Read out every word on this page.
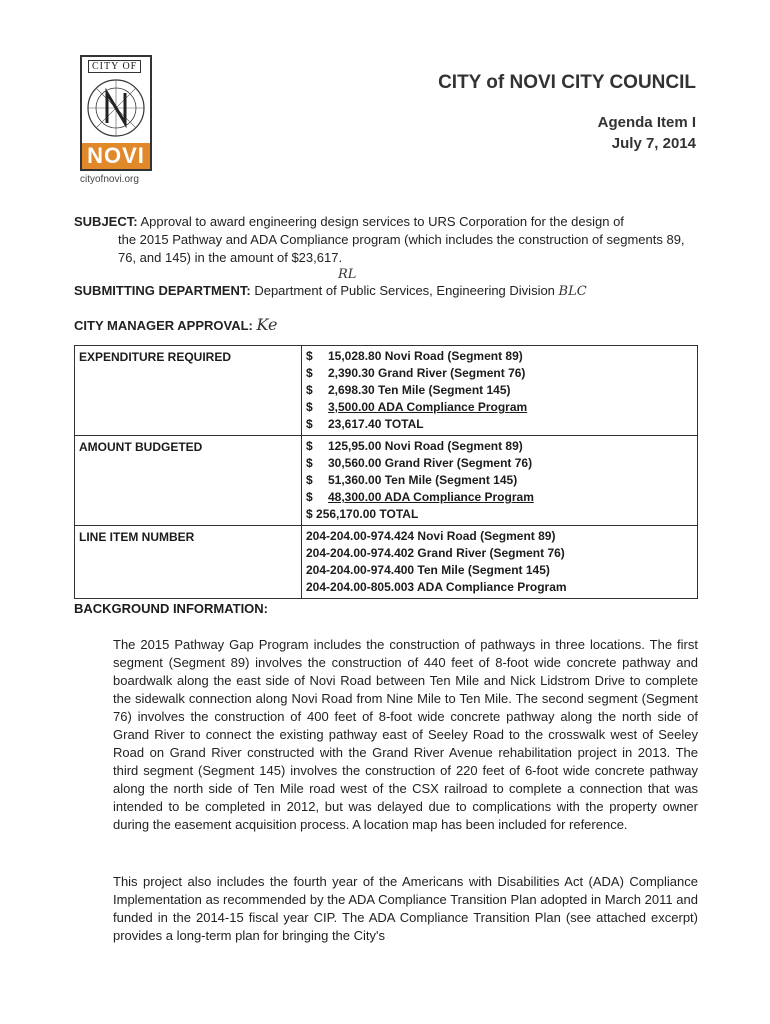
CITY OF
NOVI
cityofnovi.org
CITY of NOVI CITY COUNCIL
Agenda Item I
July 7, 2014
SUBJECT: Approval to award engineering design services to URS Corporation for the design of
the 2015 Pathway and ADA Compliance program (which includes the construction of segments 89, 76, and 145) in the amount of $23,617.
RL
SUBMITTING DEPARTMENT: Department of Public Services, Engineering Division BLC
CITY MANAGER APPROVAL: Ke
EXPENDITURE REQUIRED	$ 15,028.80 Novi Road (Segment 89)
$ 2,390.30 Grand River (Segment 76)
$ 2,698.30 Ten Mile (Segment 145)
$ 3,500.00 ADA Compliance Program
$ 23,617.40 TOTAL

AMOUNT BUDGETED	$ 125,95.00 Novi Road (Segment 89)
$ 30,560.00 Grand River (Segment 76)
$ 51,360.00 Ten Mile (Segment 145)
$ 48,300.00 ADA Compliance Program
$ 256,170.00 TOTAL

LINE ITEM NUMBER	204-204.00-974.424 Novi Road (Segment 89)
204-204.00-974.402 Grand River (Segment 76)
204-204.00-974.400 Ten Mile (Segment 145)
204-204.00-805.003 ADA Compliance Program
BACKGROUND INFORMATION:
The 2015 Pathway Gap Program includes the construction of pathways in three locations. The first segment (Segment 89) involves the construction of 440 feet of 8-foot wide concrete pathway and boardwalk along the east side of Novi Road between Ten Mile and Nick Lidstrom Drive to complete the sidewalk connection along Novi Road from Nine Mile to Ten Mile. The second segment (Segment 76) involves the construction of 400 feet of 8-foot wide concrete pathway along the north side of Grand River to connect the existing pathway east of Seeley Road to the crosswalk west of Seeley Road on Grand River constructed with the Grand River Avenue rehabilitation project in 2013. The third segment (Segment 145) involves the construction of 220 feet of 6-foot wide concrete pathway along the north side of Ten Mile road west of the CSX railroad to complete a connection that was intended to be completed in 2012, but was delayed due to complications with the property owner during the easement acquisition process. A location map has been included for reference.
This project also includes the fourth year of the Americans with Disabilities Act (ADA) Compliance Implementation as recommended by the ADA Compliance Transition Plan adopted in March 2011 and funded in the 2014-15 fiscal year CIP. The ADA Compliance Transition Plan (see attached excerpt) provides a long-term plan for bringing the City's
